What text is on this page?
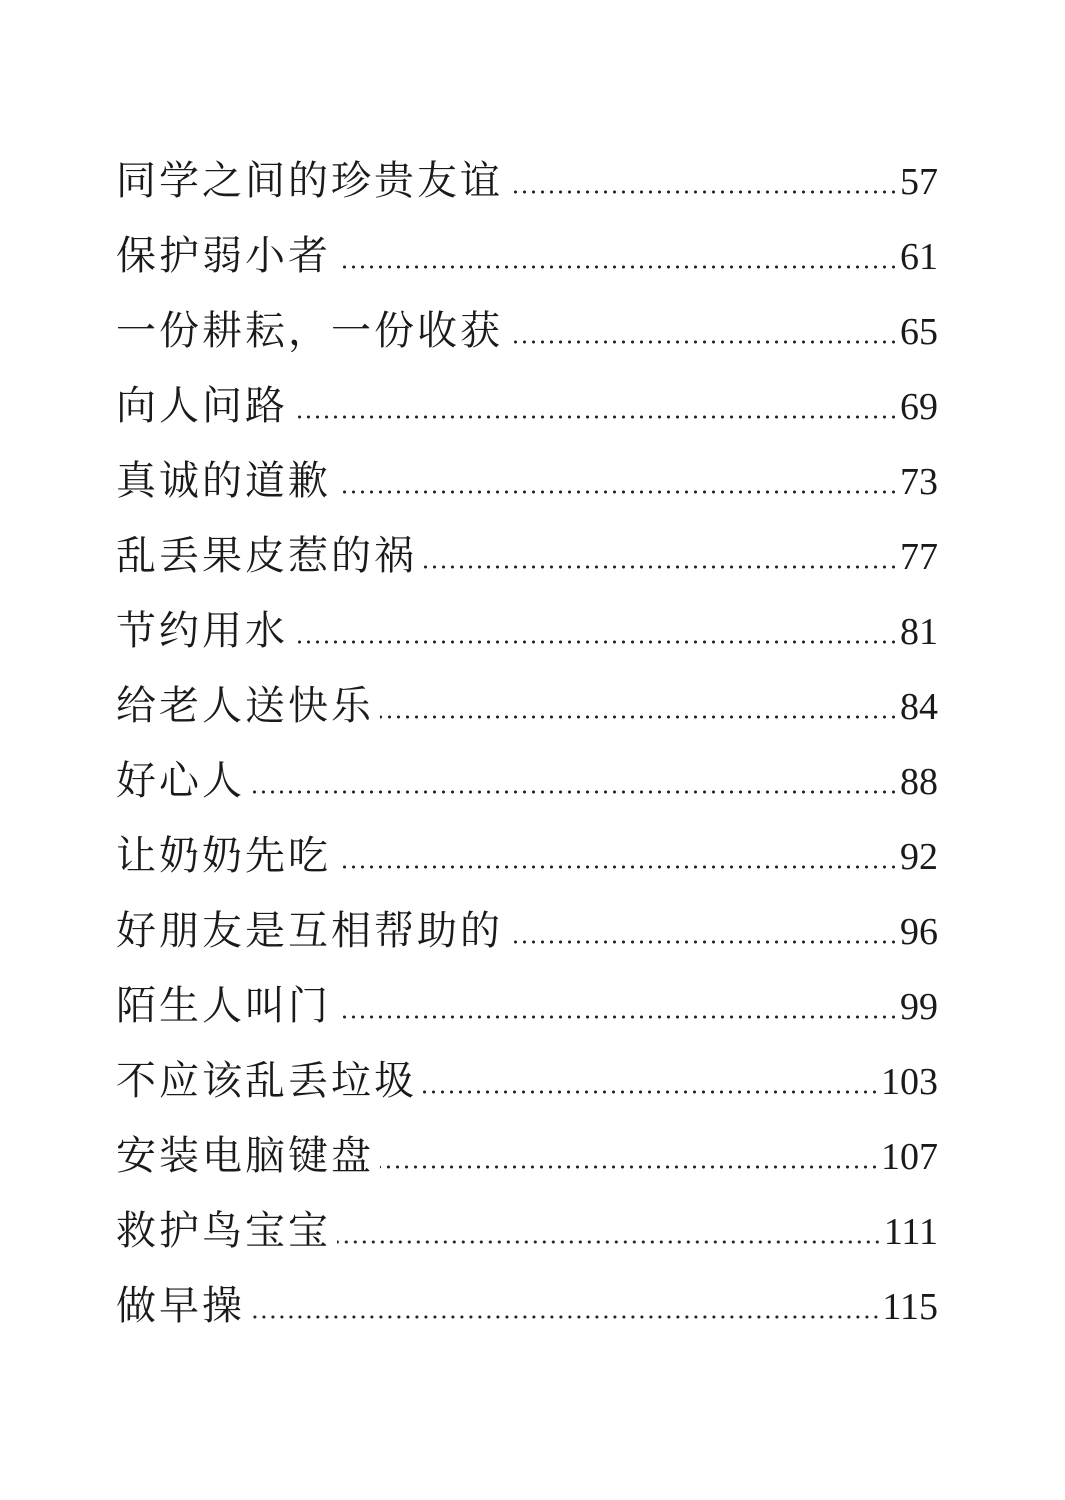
同学之间的珍贵友谊	57
保护弱小者	61
一份耕耘，一份收获	65
向人问路	69
真诚的道歉	73
乱丢果皮惹的祸	77
节约用水	81
给老人送快乐	84
好心人	88
让奶奶先吃	92
好朋友是互相帮助的	96
陌生人叫门	99
不应该乱丢垃圾	103
安装电脑键盘	107
救护鸟宝宝	111
做早操	115
